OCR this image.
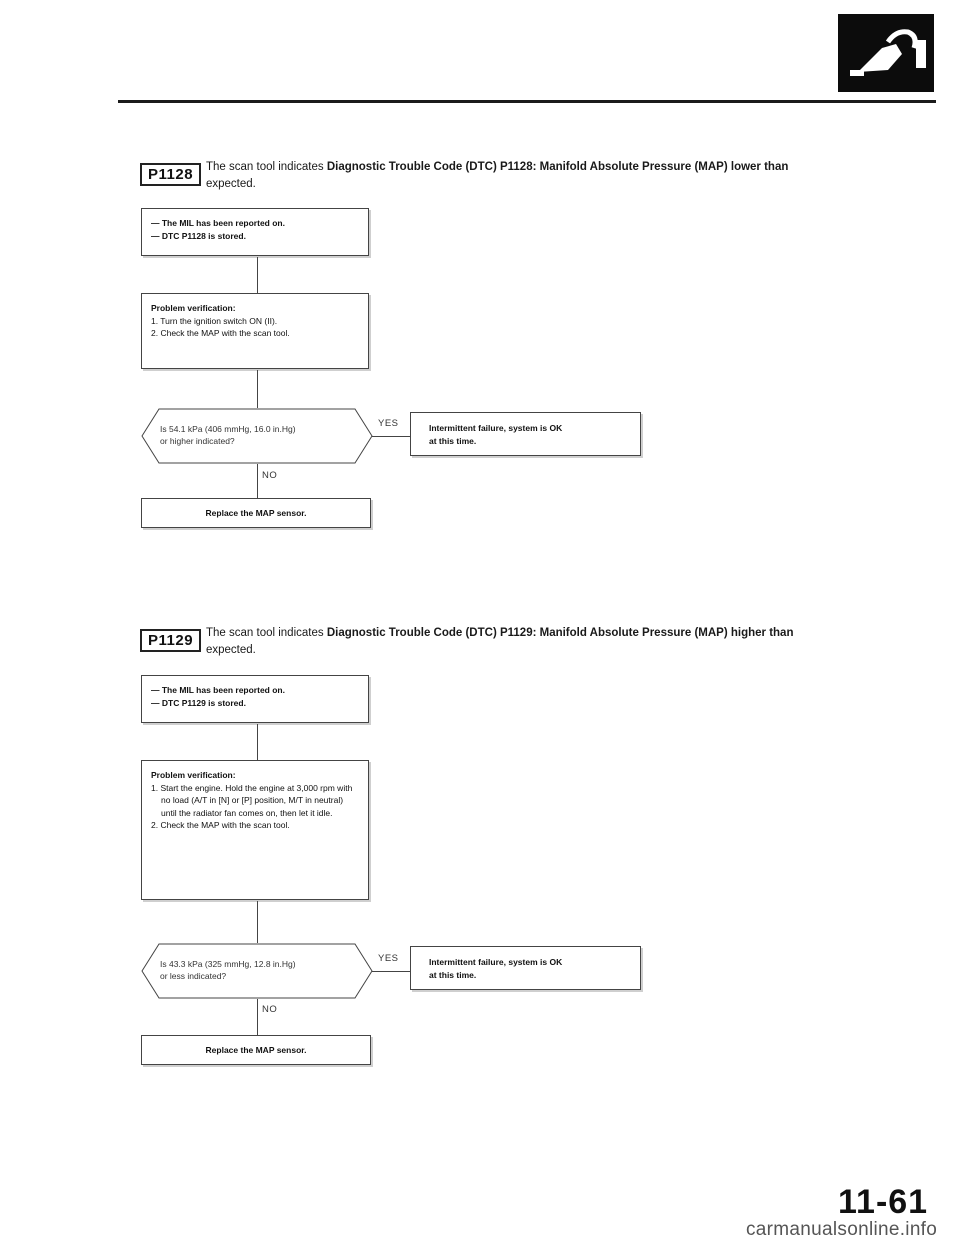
P1128	The scan tool indicates Diagnostic Trouble Code (DTC) P1128: Manifold Absolute Pressure (MAP) lower than
expected.
— The MIL has been reported on.
— DTC P1128 is stored.
Problem verification:
1. Turn the ignition switch ON (II).
2. Check the MAP with the scan tool.
Is 54.1 kPa (406 mmHg, 16.0 in.Hg)
or higher indicated?
YES	Intermittent failure, system is OK
at this time.
NO
Replace the MAP sensor.
P1129	The scan tool indicates Diagnostic Trouble Code (DTC) P1129: Manifold Absolute Pressure (MAP) higher than
expected.
— The MIL has been reported on.
— DTC P1129 is stored.
Problem verification:
1. Start the engine. Hold the engine at 3,000 rpm with no load (A/T in [N] or [P] position, M/T in neutral) until the radiator fan comes on, then let it idle.
2. Check the MAP with the scan tool.
Is 43.3 kPa (325 mmHg, 12.8 in.Hg)
or less indicated?
YES	Intermittent failure, system is OK
at this time.
NO
Replace the MAP sensor.
11-61
carmanualsonline.info
